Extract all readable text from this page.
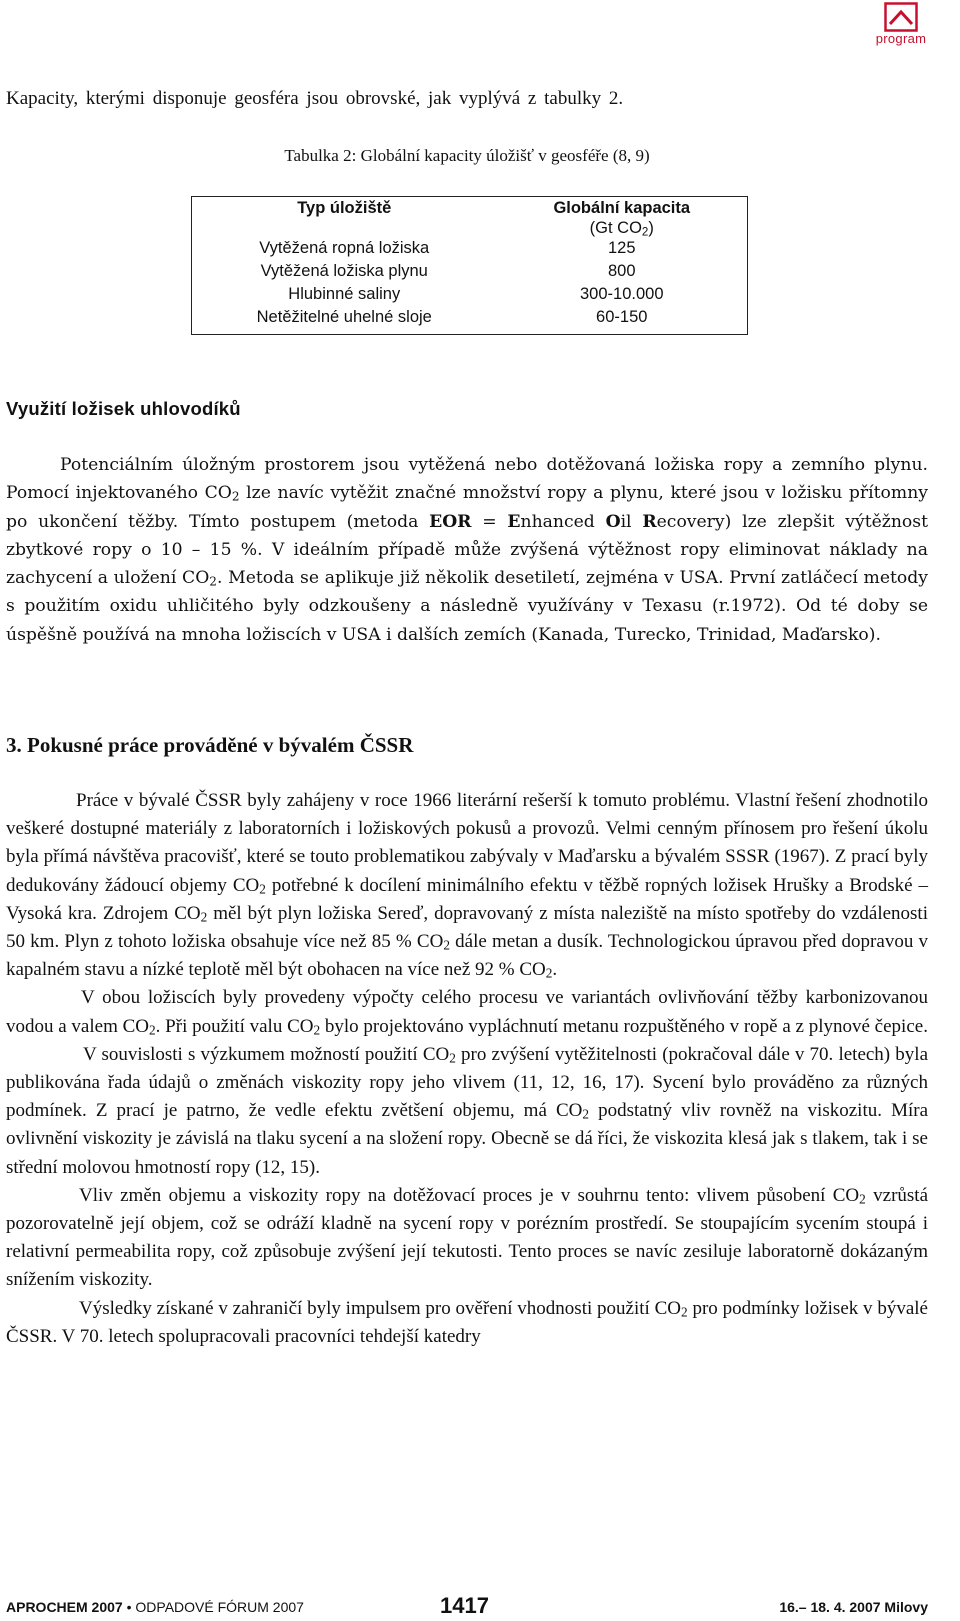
program
Kapacity, kterými disponuje geosféra jsou obrovské, jak vyplývá z tabulky 2.
Tabulka 2: Globální kapacity úložišť v geosféře (8, 9)
Typ úložiště	Globální kapacita
	(Gt $CO_2$)
Vytěžená ropná ložiska	125
Vytěžená ložiska plynu	800
Hlubinné saliny	300-10.000
Netěžitelné uhelné sloje	60-150
Využití ložisek uhlovodíků
Potenciálním úložným prostorem jsou vytěžená nebo dotěžovaná ložiska ropy a zemního plynu. Pomocí injektovaného $CO_2$ lze navíc vytěžit značné množství ropy a plynu, které jsou v ložisku přítomny po ukončení těžby. Tímto postupem (metoda EOR = Enhanced Oil Recovery) lze zlepšit výtěžnost zbytkové ropy o 10 – 15 %. V ideálním případě může zvýšená výtěžnost ropy eliminovat náklady na zachycení a uložení $CO_2$. Metoda se aplikuje již několik desetiletí, zejména v USA. První zatláčecí metody s použitím oxidu uhličitého byly odzkoušeny a následně využívány v Texasu (r.1972). Od té doby se úspěšně používá na mnoha ložiscích v USA i dalších zemích (Kanada, Turecko, Trinidad, Maďarsko).
3. Pokusné práce prováděné v bývalém ČSSR

Práce v bývalé ČSSR byly zahájeny v roce 1966 literární rešerší k tomuto problému. Vlastní řešení zhodnotilo veškeré dostupné materiály z laboratorních i ložiskových pokusů a provozů. Velmi cenným přínosem pro řešení úkolu byla přímá návštěva pracovišť, které se touto problematikou zabývaly v Maďarsku a bývalém SSSR (1967). Z prací byly dedukovány žádoucí objemy $CO_2$ potřebné k docílení minimálního efektu v těžbě ropných ložisek Hrušky a Brodské – Vysoká kra. Zdrojem $CO_2$ měl být plyn ložiska Sereď, dopravovaný z místa naleziště na místo spotřeby do vzdálenosti 50 km. Plyn z tohoto ložiska obsahuje více než 85 % $CO_2$ dále metan a dusík. Technologickou úpravou před dopravou v kapalném stavu a nízké teplotě měl být obohacen na více než 92 % $CO_2$.

V obou ložiscích byly provedeny výpočty celého procesu ve variantách ovlivňování těžby karbonizovanou vodou a valem $CO_2$. Při použití valu $CO_2$ bylo projektováno vypláchnutí metanu rozpuštěného v ropě a z plynové čepice.

V souvislosti s výzkumem možností použití $CO_2$ pro zvýšení vytěžitelnosti (pokračoval dále v 70. letech) byla publikována řada údajů o změnách viskozity ropy jeho vlivem (11, 12, 16, 17). Sycení bylo prováděno za různých podmínek. Z prací je patrno, že vedle efektu zvětšení objemu, má $CO_2$ podstatný vliv rovněž na viskozitu. Míra ovlivnění viskozity je závislá na tlaku sycení a na složení ropy. Obecně se dá říci, že viskozita klesá jak s tlakem, tak i se střední molovou hmotností ropy (12, 15).

Vliv změn objemu a viskozity ropy na dotěžovací proces je v souhrnu tento: vlivem působení $CO_2$ vzrůstá pozorovatelně její objem, což se odráží kladně na sycení ropy v porézním prostředí. Se stoupajícím sycením stoupá i relativní permeabilita ropy, což způsobuje zvýšení její tekutosti. Tento proces se navíc zesiluje laboratorně dokázaným snížením viskozity.

Výsledky získané v zahraničí byly impulsem pro ověření vhodnosti použití $CO_2$ pro podmínky ložisek v bývalé ČSSR. V 70. letech spolupracovali pracovníci tehdejší katedry

APROCHEM 2007 • ODPADOVÉ FÓRUM 2007	1417	16.– 18. 4. 2007 Milovy
